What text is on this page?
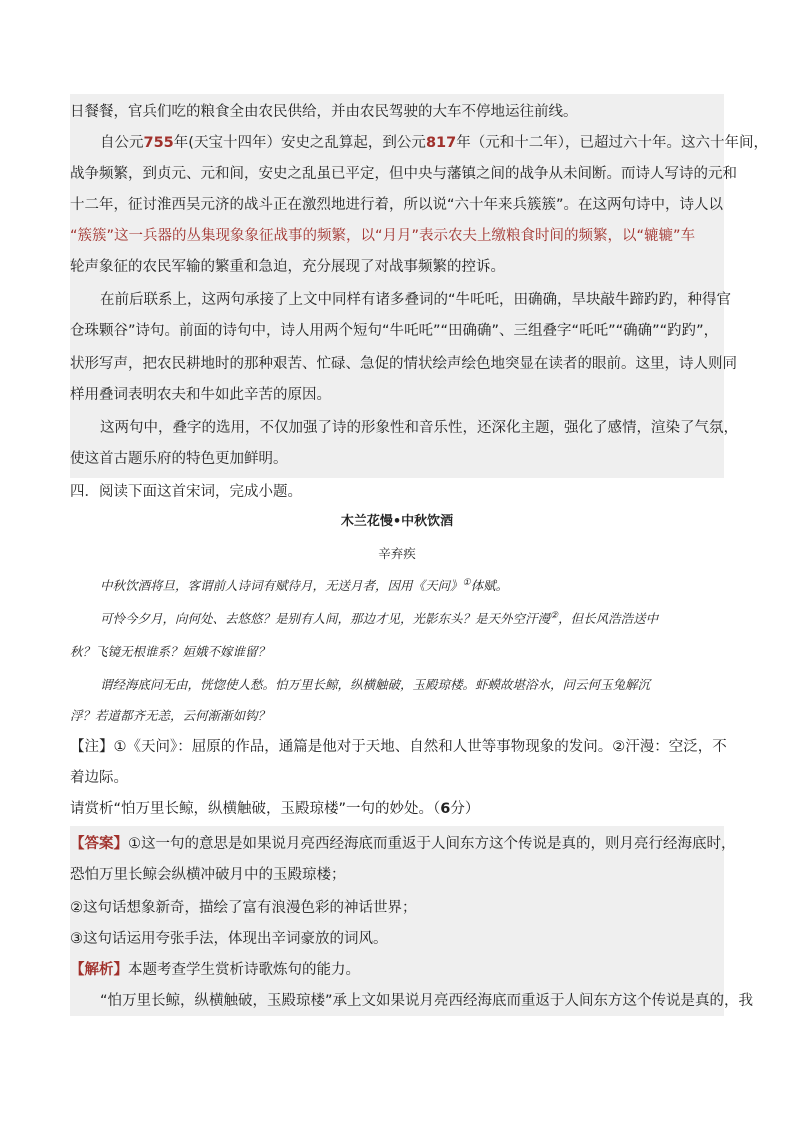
日餐餐，官兵们吃的粮食全由农民供给，并由农民驾驶的大车不停地运往前线。
自公元755年(天宝十四年）安史之乱算起，到公元817年（元和十二年），已超过六十年。这六十年间，
战争频繁，到贞元、元和间，安史之乱虽已平定，但中央与藩镇之间的战争从未间断。而诗人写诗的元和
十二年，征讨淮西吴元济的战斗正在激烈地进行着，所以说“六十年来兵簇簇”。在这两句诗中，诗人以
“簇簇”这一兵器的丛集现象象征战事的频繁，以“月月”表示农夫上缴粮食时间的频繁，以“辘辘”车
轮声象征的农民军输的繁重和急迫，充分展现了对战事频繁的控诉。
在前后联系上，这两句承接了上文中同样有诸多叠词的“牛吒吒，田确确，旱块敲牛蹄趵趵，种得官
仓珠颗谷”诗句。前面的诗句中，诗人用两个短句“牛吒吒”“田确确”、三组叠字“吒吒”“确确”“趵趵”，
状形写声，把农民耕地时的那种艰苦、忙碌、急促的情状绘声绘色地突显在读者的眼前。这里，诗人则同
样用叠词表明农夫和牛如此辛苦的原因。
这两句中，叠字的选用，不仅加强了诗的形象性和音乐性，还深化主题，强化了感情，渲染了气氛，
使这首古题乐府的特色更加鲜明。
四．阅读下面这首宋词，完成小题。
木兰花慢•中秋饮酒
辛弃疾
中秋饮酒将旦，客谓前人诗词有赋待月，无送月者，因用《天问》①体赋。
可怜今夕月，向何处、去悠悠？是别有人间，那边才见，光影东头？是天外空汗漫②，但长风浩浩送中
秋？飞镜无根谁系？姮娥不嫁谁留？
谓经海底问无由，恍惚使人愁。怕万里长鲸，纵横触破，玉殿琼楼。虾蟆故堪浴水，问云何玉兔解沉
浮？若道都齐无恙，云何渐渐如钩？
【注】①《天问》：屈原的作品，通篇是他对于天地、自然和人世等事物现象的发问。②汗漫：空泛，不
着边际。
请赏析“怕万里长鲸，纵横触破，玉殿琼楼”一句的妙处。（6分）
【答案】①这一句的意思是如果说月亮西经海底而重返于人间东方这个传说是真的，则月亮行经海底时，
恐怕万里长鲸会纵横冲破月中的玉殿琼楼；
②这句话想象新奇，描绘了富有浪漫色彩的神话世界；
③这句话运用夸张手法，体现出辛词豪放的词风。
【解析】本题考查学生赏析诗歌炼句的能力。
“怕万里长鲸，纵横触破，玉殿琼楼”承上文如果说月亮西经海底而重返于人间东方这个传说是真的，我
